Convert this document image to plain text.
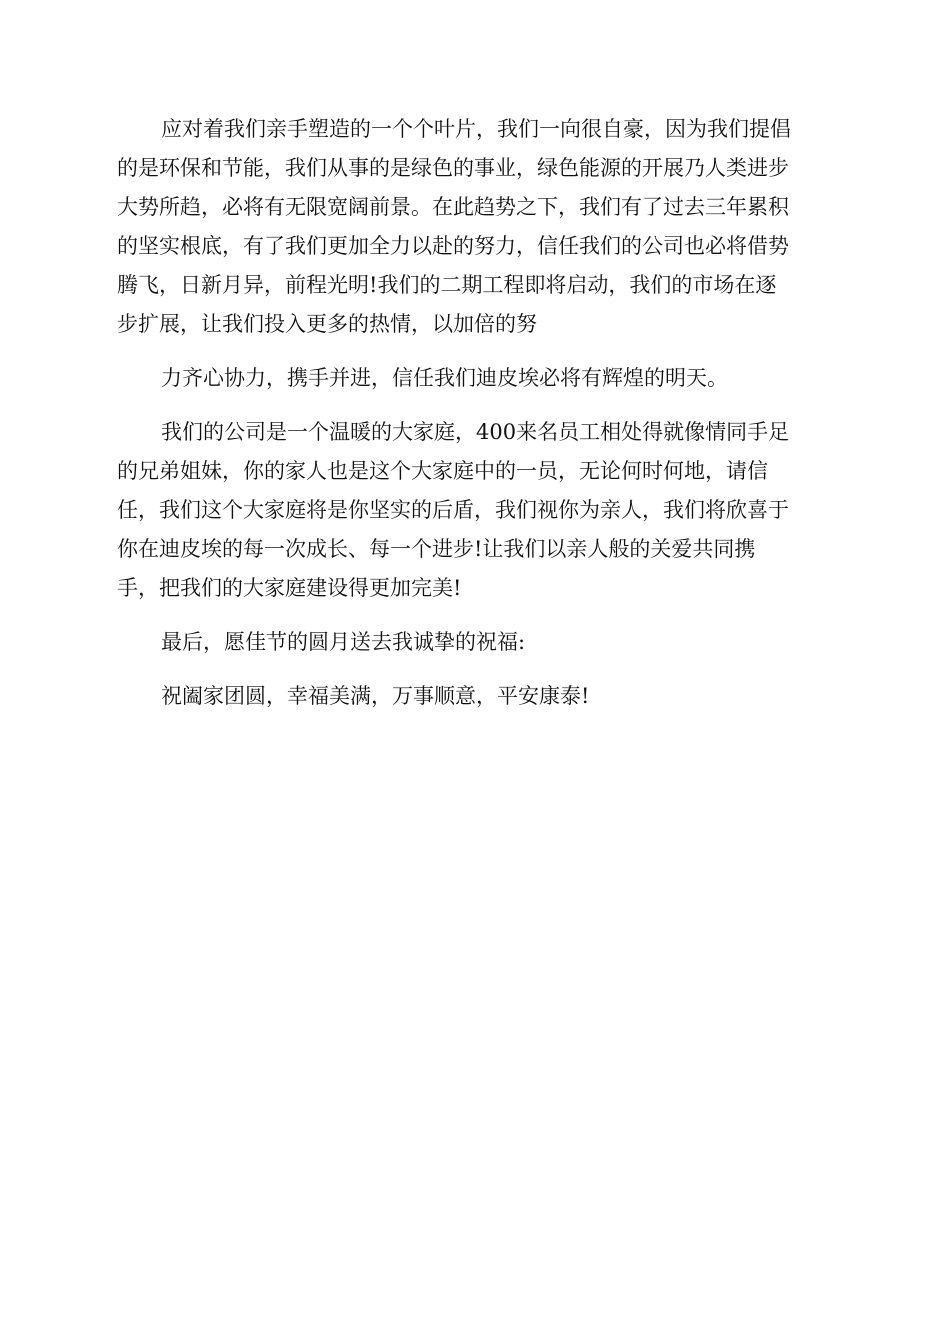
应对着我们亲手塑造的一个个叶片，我们一向很自豪，因为我们提倡
的是环保和节能，我们从事的是绿色的事业，绿色能源的开展乃人类进步
大势所趋，必将有无限宽阔前景。在此趋势之下，我们有了过去三年累积
的坚实根底，有了我们更加全力以赴的努力，信任我们的公司也必将借势
腾飞，日新月异，前程光明!我们的二期工程即将启动，我们的市场在逐
步扩展，让我们投入更多的热情，以加倍的努
力齐心协力，携手并进，信任我们迪皮埃必将有辉煌的明天。
我们的公司是一个温暖的大家庭，400来名员工相处得就像情同手足
的兄弟姐妹，你的家人也是这个大家庭中的一员，无论何时何地，请信
任，我们这个大家庭将是你坚实的后盾，我们视你为亲人，我们将欣喜于
你在迪皮埃的每一次成长、每一个进步!让我们以亲人般的关爱共同携
手，把我们的大家庭建设得更加完美!
最后，愿佳节的圆月送去我诚挚的祝福:
祝阖家团圆，幸福美满，万事顺意，平安康泰!
